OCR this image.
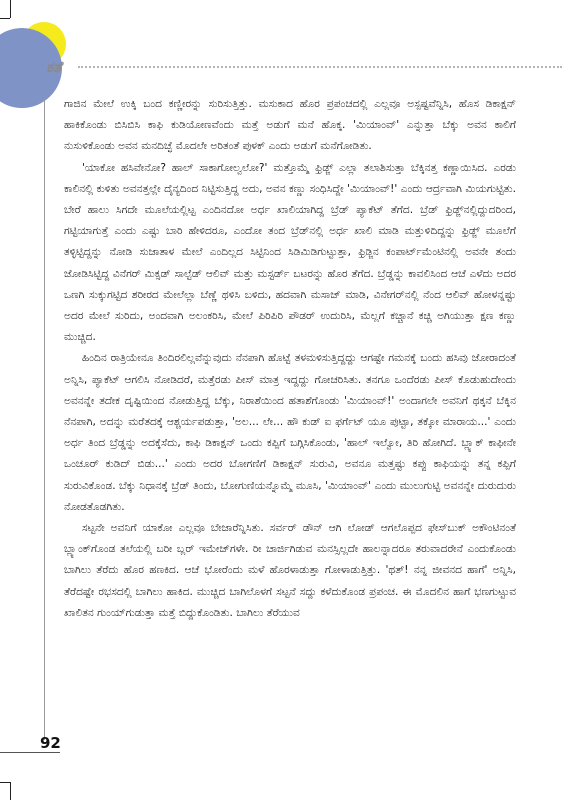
ಕತೆ

ಗಾಜಿನ ಮೇಲೆ ಉಕ್ಕಿ ಬಂದ ಕಣ್ಣೀರನ್ನು ಸುರಿಸುತ್ತಿತ್ತು. ಮಸುಕಾದ ಹೊರ ಪ್ರಪಂಚದಲ್ಲಿ ಎಲ್ಲವೂ ಅಸ್ಪಷ್ಟವೆನ್ನಿಸಿ, ಹೊಸ ಡಿಕಾಕ್ಷನ್ ಹಾಕಿಕೊಂಡು ಬಿಸಿಬಿಸಿ ಕಾಫಿ ಕುಡಿಯೋಣವೆಂದು ಮತ್ತೆ ಅಡುಗೆ ಮನೆ ಹೊಕ್ಕ. 'ಮಿಯಾಂವ್' ಎನ್ನುತ್ತಾ ಬೆಕ್ಕು ಅವನ ಕಾಲಿಗೆ ನುಸುಳಿಕೊಂಡು ಅವನ ಮನದಿಚ್ಛೆ ಮೊದಲೇ ಅರಿತಂತೆ ಪುಳಕ್ ಎಂದು ಅಡುಗೆ ಮನೆಗೋಡಿತು.

'ಯಾಕೋ ಹಸಿವೇನೋ? ಹಾಲ್ ಸಾಕಾಗೋಲ್ವಲೋ?' ಮತ್ತೊಮ್ಮೆ ಫ್ರಿಡ್ಜ್ ಎಲ್ಲಾ ತಲಾಶಿಸುತ್ತಾ ಬೆಕ್ಕಿನತ್ತ ಕಣ್ಣಾಯಿಸಿದ. ಎರಡು ಕಾಲಿನಲ್ಲಿ ಕುಳಿತು ಅವನತ್ತಲ್ಲೇ ದೈನ್ಯದಿಂದ ನಿಟ್ಟಿಸುತ್ತಿದ್ದ ಅದು, ಅವನ ಕಣ್ಣು ಸಂಧಿಸಿದ್ದೇ 'ಮಿಯಾಂವ್!' ಎಂದು ಆರ್ದ್ರವಾಗಿ ಮಿಯಗುಟ್ಟಿತು. ಬೇರೆ ಹಾಲು ಸಿಗದೇ ಮೂಲೆಯಲ್ಲಿಟ್ಟ ಎಂದಿನದೋ ಅರ್ಧ ಖಾಲಿಯಾಗಿದ್ದ ಬ್ರೆಡ್ ಪ್ಯಾಕೆಟ್ ತೆಗೆದ. ಬ್ರೆಡ್ ಫ್ರಿಡ್ಜ್‌ನಲ್ಲಿದ್ದುದರಿಂದ, ಗಟ್ಟಿಯಾಗುತ್ತೆ ಎಂದು ಎಷ್ಟು ಬಾರಿ ಹೇಳಿದರೂ, ಎಂದೋ ತಂದ ಬ್ರೆಡ್‌ನಲ್ಲಿ ಅರ್ಧ ಖಾಲಿ ಮಾಡಿ ಮತ್ತುಳಿದಿದ್ದನ್ನು ಫ್ರಿಡ್ಜ್ ಮೂಲೆಗೆ ತಳ್ಳಿಟ್ಟಿದ್ದನ್ನು ನೋಡಿ ಸುಜಾತಾಳ ಮೇಲೆ ಎಂದಿಲ್ಲದ ಸಿಟ್ಟಿನಿಂದ ಸಿಡಿಮಿಡಿಗುಟ್ಟುತ್ತಾ, ಫ್ರಿಡ್ಜಿನ ಕಂಪಾರ್ಟ್‌ಮೆಂಟಿನಲ್ಲಿ ಅವನೇ ತಂದು ಜೋಡಿಸಿಟ್ಟಿದ್ದ ವಿನೆಗರ್ ಮಿಕ್ಸಡ್ ಸಾಲ್ಟೆಡ್ ಆಲಿವ್ ಮತ್ತು ಮಸ್ಟರ್ಡ್ ಬಟರನ್ನು ಹೊರ ತೆಗೆದ. ಬ್ರೆಡ್ಡನ್ನು ಕಾವಲಿಸಿಂದ ಆಚೆ ಎಳೆದು ಅದರ ಒಣಗಿ ಸುಕ್ಕುಗಟ್ಟಿದ ಶರೀರದ ಮೇಲೆಲ್ಲಾ ಬೆಣ್ಣೆ ಥಳಿಸಿ ಬಳಿದು, ಹದವಾಗಿ ಮಸಾಜ್ ಮಾಡಿ, ವಿನೇಗರ್‌ನಲ್ಲಿ ನೆಂದ ಆಲಿವ್ ಹೋಳನ್ನಷ್ಟು ಅದರ ಮೇಲೆ ಸುರಿದು, ಅಂದವಾಗಿ ಅಲಂಕರಿಸಿ, ಮೇಲೆ ಪಿರಿಪಿರಿ ಪೌಡರ್ ಉದುರಿಸಿ, ಮೆಲ್ಲಗೆ ಕಚ್ಚಾನೆ ಕಚ್ಚಿ ಅಗಿಯುತ್ತಾ ಕ್ಷಣ ಕಣ್ಣು ಮುಚ್ಚಿದ.

ಹಿಂದಿನ ರಾತ್ರಿಯೇನೂ ತಿಂದಿರಲಿಲ್ಲವೆನ್ನುವುದು ನೆನಪಾಗಿ ಹೊಟ್ಟೆ ತಳಮಳಿಸುತ್ತಿದ್ದದ್ದು ಆಗಷ್ಟೇ ಗಮನಕ್ಕೆ ಬಂದು ಹಸಿವು ಜೋರಾದಂತೆ ಅನ್ನಿಸಿ, ಪ್ಯಾಕೆಟ್ ಆಗಲಿಸಿ ನೋಡಿದರೆ, ಮತ್ತೆರಡು ಪೀಸ್ ಮಾತ್ರ ಇದ್ದದ್ದು ಗೋಚರಿಸಿತು. ತನಗೂ ಒಂದೆರಡು ಪೀಸ್ ಕೊಡುಹುದೇಂದು ಅವನನ್ನೇ ತದೇಕ ದೃಷ್ಟಿಯಿಂದ ನೋಡುತ್ತಿದ್ದ ಬೆಕ್ಕು, ನಿರಾಶೆಯಿಂದ ಹತಾಶೆಗೊಂಡು 'ಮಿಯಾಂವ್!' ಅಂದಾಗಲೇ ಅವನಿಗೆ ಥಕ್ಕನೆ ಬೆಕ್ಕಿನ ನೆನಪಾಗಿ, ಅದನ್ನು ಮರೆತದಕ್ಕೆ ಆಶ್ಚರ್ಯಪಡುತ್ತಾ, 'ಅಲ... ಲೇ... ಹೌ ಕುಡ್ ಐ ಫರ್ಗೆಟ್ ಯೂ ಪುಟ್ಟಾ, ತಕ್ಕೋ ಮಾರಾಯ...' ಎಂದು ಅರ್ಧ ತಿಂದ ಬ್ರೆಡ್ಡನ್ನು ಅದಕ್ಕೆಸೆದು, ಕಾಫಿ ಡಿಕಾಕ್ಷನ್ ಒಂದು ಕಪ್ಪಿಗೆ ಬಗ್ಗಿಸಿಕೊಂಡು, 'ಹಾಲ್ ಇಲ್ವೋ, ತಿರಿ ಹೋಗಿದೆ. ಬ್ಲ್ಯಾಕ್ ಕಾಫೀನೇ ಒಂಚೂರ್ ಕುಡಿದ್ ಬಿಡು...' ಎಂದು ಅದರ ಬೋಗಣಿಗೆ ಡಿಕಾಕ್ಷನ್ ಸುರುವಿ, ಅವನೂ ಮತ್ತಷ್ಟು ಕಪ್ಪು ಕಾಫಿಯನ್ನು ತನ್ನ ಕಪ್ಪಿಗೆ ಸುರುವಿಕೊಂಡ. ಬೆಕ್ಕು ನಿಧಾನಕ್ಕೆ ಬ್ರೆಡ್ ತಿಂದು, ಬೋಗುಣಿಯನ್ನೊಮ್ಮೆ ಮೂಸಿ, 'ಮಿಯಾಂವ್' ಎಂದು ಮುಲುಗುಟ್ಟಿ ಅವನನ್ನೇ ದುರುದುರು ನೋಡತೊಡಗಿತು.

ಸಟ್ಟನೇ ಅವನಿಗೆ ಯಾಕೋ ಎಲ್ಲವೂ ಬೇಜಾರೆನ್ನಿಸಿತು. ಸರ್ವರ್ ಡೌನ್ ಆಗಿ ಲೋಡ್ ಆಗಲೊಪ್ಪದ ಫೇಸ್‌ಬುಕ್ ಅಕೌಂಟಿನಂತೆ ಬ್ಲ್ಯಾಂಕ್‌ಗೊಂಡ ತಲೆಯಲ್ಲಿ ಬರೀ ಬ್ಲರ್ ಇಮೇಜ್‌ಗಳೇ. ರೀ ಚಾರ್ಜಿಗಿಡುವ ಮನಸ್ಸಿಲ್ಲದೇ ಹಾಲನ್ನಾದರೂ ತರುವಾದರೇನೆ ಎಂದುಕೊಂಡು ಬಾಗಿಲು ತೆರೆದು ಹೊರ ಹಣಕಿದ. ಆಚೆ ಭೋರೆಂದು ಮಳೆ ಹೊರಳಾಡುತ್ತಾ ಗೋಳಾಡುತ್ತಿತ್ತು. 'ಥತ್! ನನ್ನ ಜೀವನದ ಹಾಗೆ' ಅನ್ನಿಸಿ, ತೆರೆದಷ್ಟೇ ರಭಸದಲ್ಲಿ ಬಾಗಿಲು ಹಾಕಿದ. ಮುಚ್ಚಿದ ಬಾಗಿಲೊಳಗೆ ಸಟ್ಟನೆ ಸದ್ದು ಕಳೆದುಕೊಂಡ ಪ್ರಪಂಚ. ಈ ಮೊದಲಿನ ಹಾಗೆ ಭಣಗುಟ್ಟುವ ಖಾಲಿತನ ಗುಂಯ್‌ಗುಡುತ್ತಾ ಮತ್ತೆ ಬಿದ್ದುಕೊಂಡಿತು. ಬಾಗಿಲು ತೆರೆಯುವ

92
